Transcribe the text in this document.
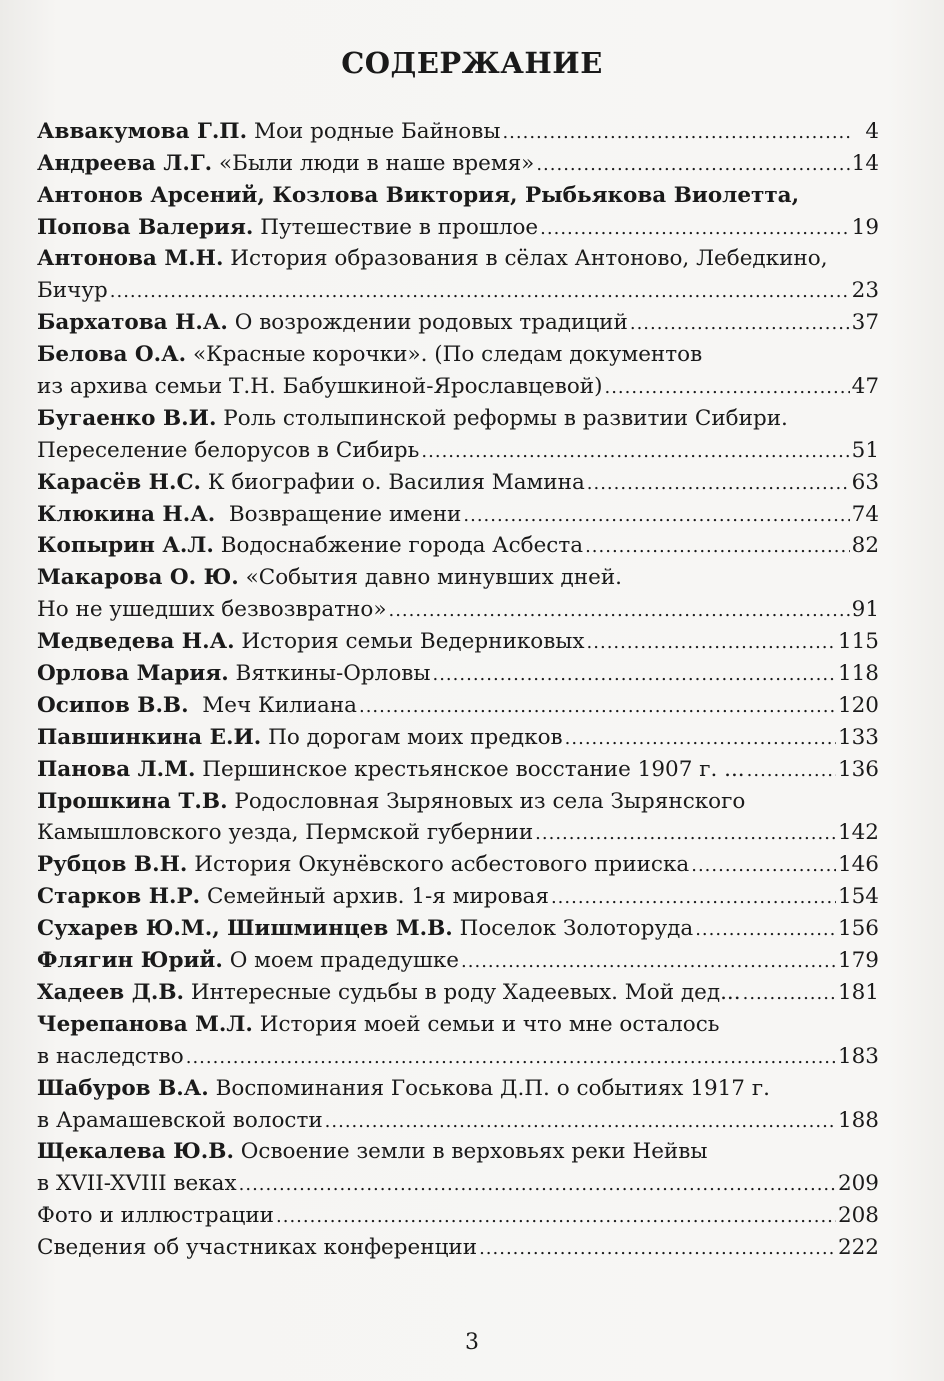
СОДЕРЖАНИЕ
Аввакумова Г.П. Мои родные Байновы .....	4
Андреева Л.Г. «Были люди в наше время» .....	14
Антонов Арсений, Козлова Виктория, Рыбьякова Виолетта,
Попова Валерия. Путешествие в прошлое .....	19
Антонова М.Н. История образования в сёлах Антоново, Лебедкино,
Бичур .....	23
Бархатова Н.А. О возрождении родовых традиций .....	37
Белова О.А. «Красные корочки». (По следам документов
из архива семьи Т.Н. Бабушкиной-Ярославцевой) .....	47
Бугаенко В.И. Роль столыпинской реформы в развитии Сибири.
Переселение белорусов в Сибирь .....	51
Карасёв Н.С. К биографии о. Василия Мамина .....	63
Клюкина Н.А. Возвращение имени .....	74
Копырин А.Л. Водоснабжение города Асбеста .....	82
Макарова О. Ю. «События давно минувших дней.
Но не ушедших безвозвратно» .....	91
Медведева Н.А. История семьи Ведерниковых .....	115
Орлова Мария. Вяткины-Орловы .....	118
Осипов В.В. Меч Килиана .....	120
Павшинкина Е.И. По дорогам моих предков .....	133
Панова Л.М. Першинское крестьянское восстание 1907 г. ... .....	136
Прошкина Т.В. Родословная Зыряновых из села Зырянского
Камышловского уезда, Пермской губернии .....	142
Рубцов В.Н. История Окунёвского асбестового прииска .....	146
Старков Н.Р. Семейный архив. 1-я мировая .....	154
Сухарев Ю.М., Шишминцев М.В. Поселок Золоторуда .....	156
Флягин Юрий. О моем прадедушке .....	179
Хадеев Д.В. Интересные судьбы в роду Хадеевых. Мой дед... .....	181
Черепанова М.Л. История моей семьи и что мне осталось
в наследство .....	183
Шабуров В.А. Воспоминания Госькова Д.П. о событиях 1917 г.
в Арамашевской волости .....	188
Щекалева Ю.В. Освоение земли в верховьях реки Нейвы
в XVII-XVIII веках .....	209
Фото и иллюстрации .....	208
Сведения об участниках конференции .....	222
3
